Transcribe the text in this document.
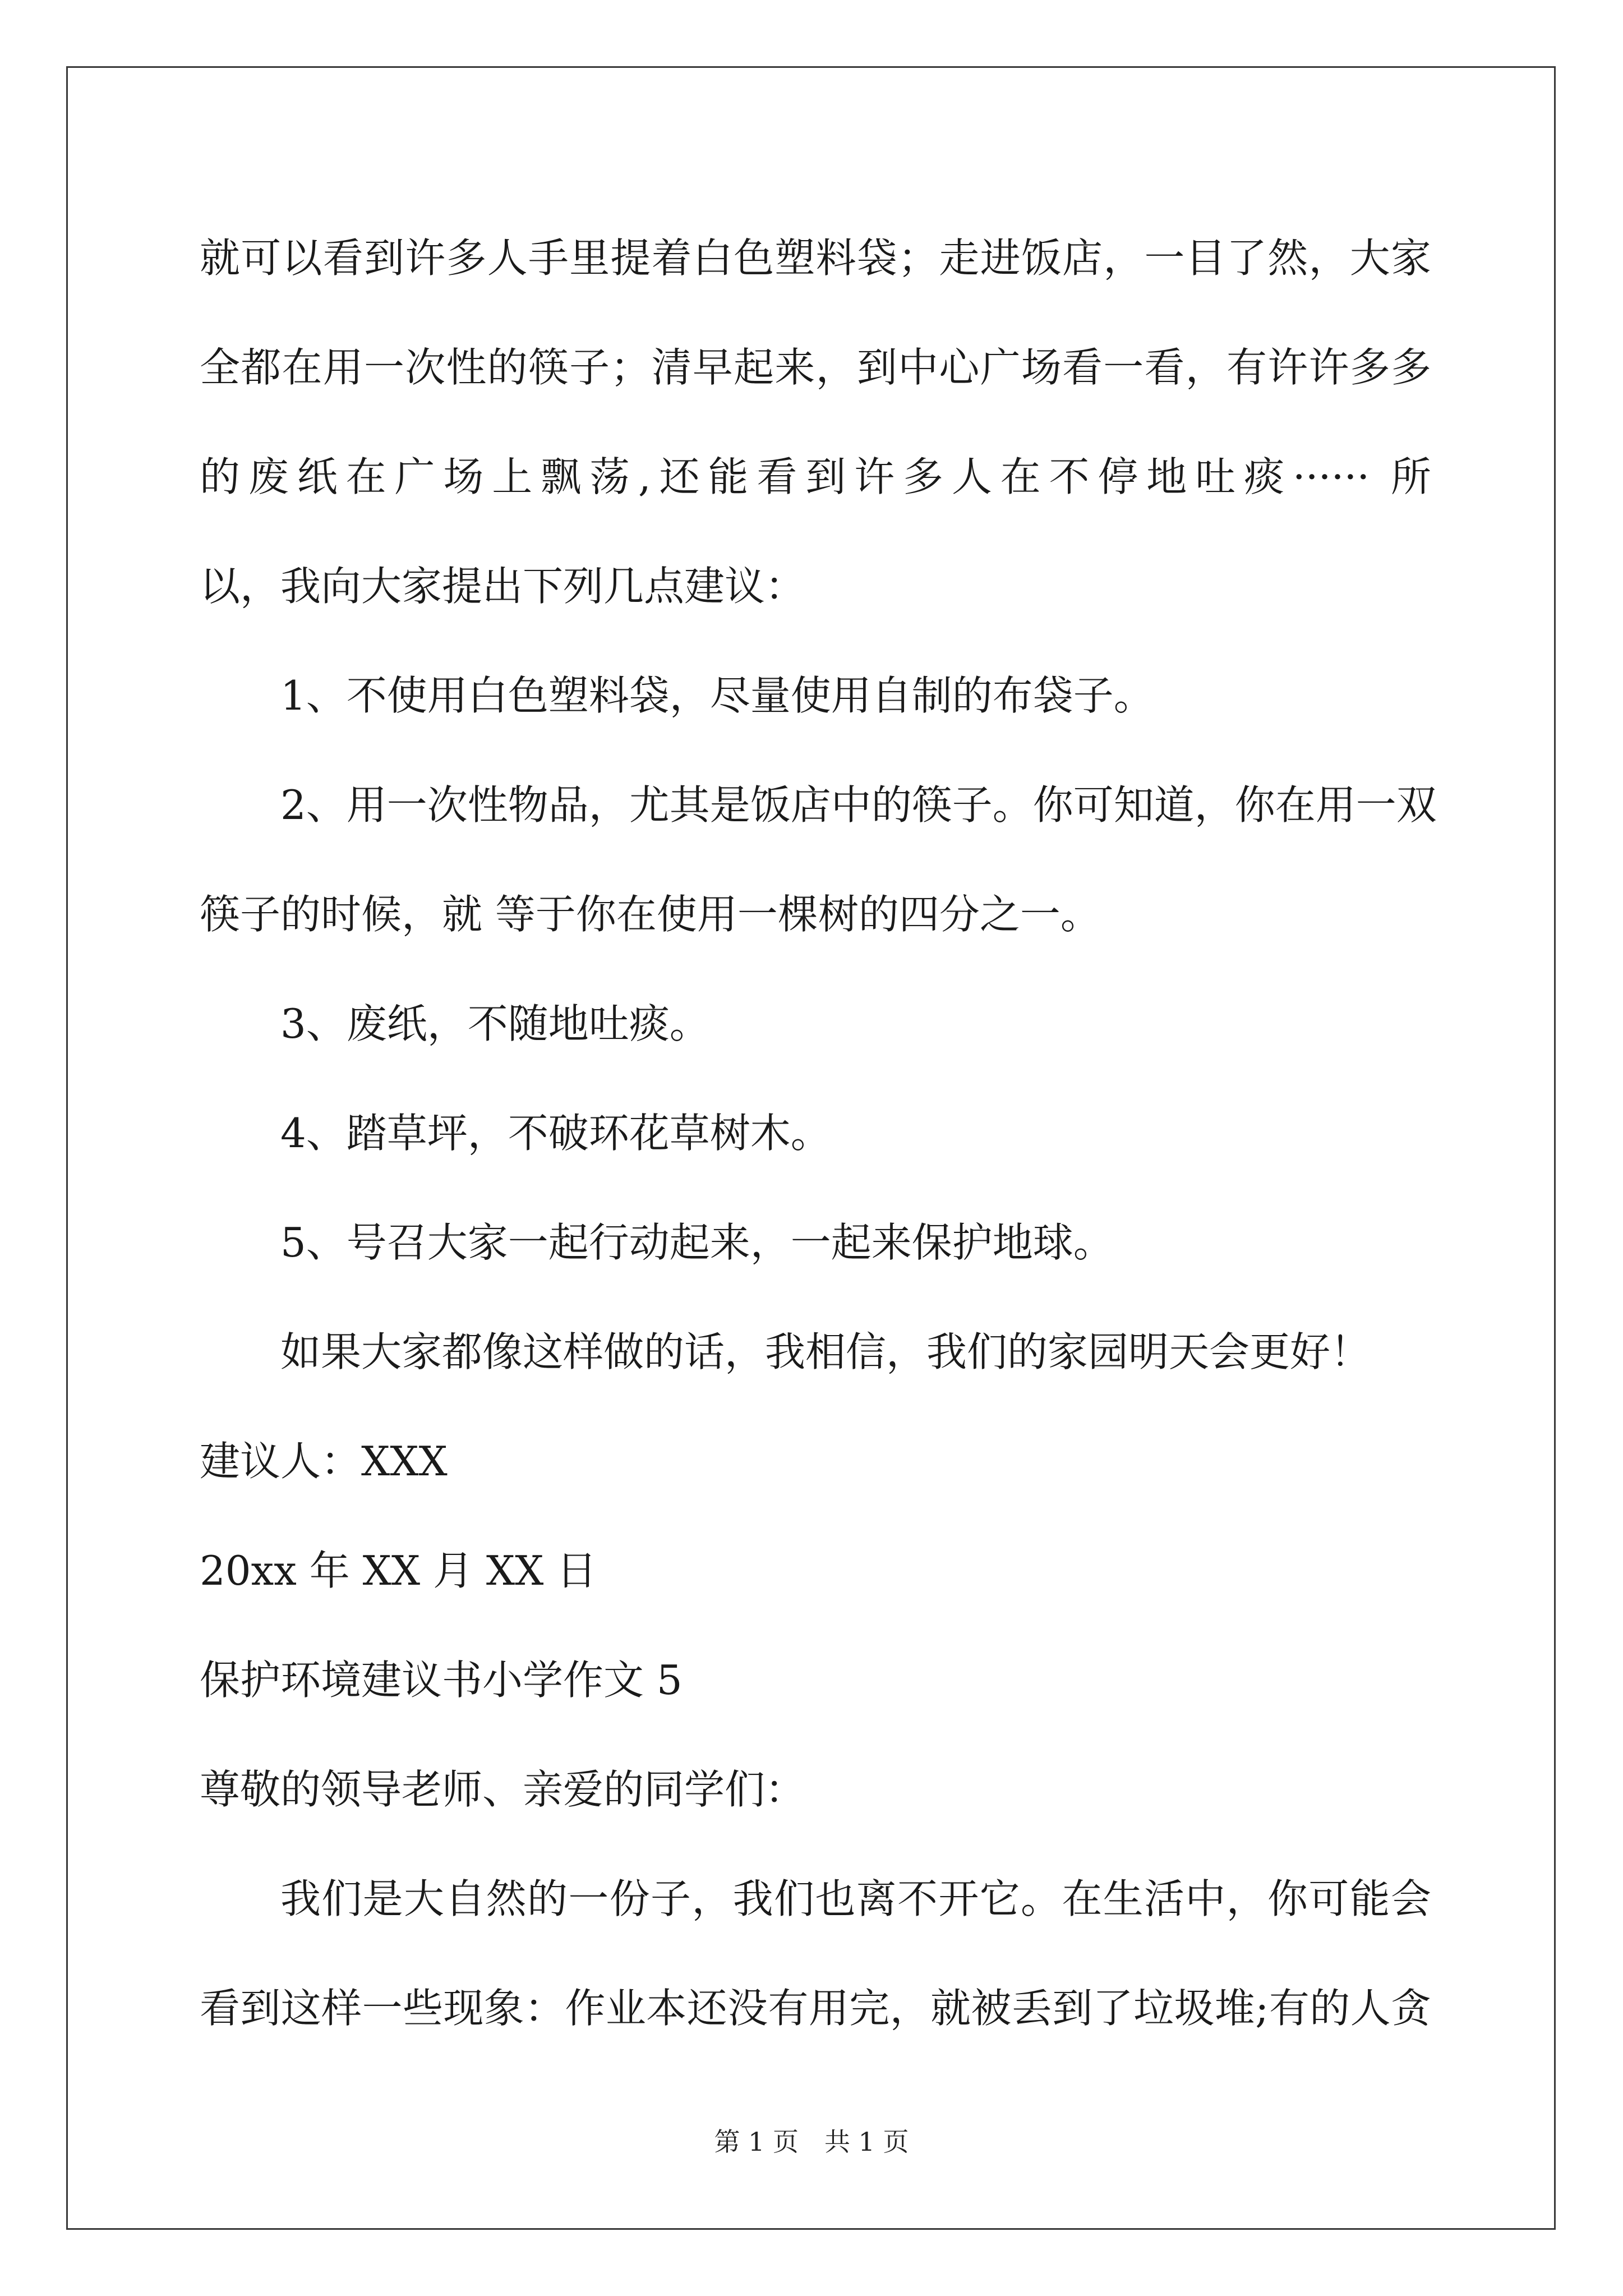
就可以看到许多人手里提着白色塑料袋；走进饭店，一目了然，大家
全都在用一次性的筷子；清早起来，到中心广场看一看，有许许多多
的废纸在广场上飘荡,还能看到许多人在不停地吐痰······ 所
以，我向大家提出下列几点建议：
1、不使用白色塑料袋，尽量使用自制的布袋子。
2、用一次性物品，尤其是饭店中的筷子。你可知道，你在用一双
筷子的时候，就 等于你在使用一棵树的四分之一。
3、废纸，不随地吐痰。
4、踏草坪，不破环花草树木。
5、号召大家一起行动起来，一起来保护地球。
如果大家都像这样做的话，我相信，我们的家园明天会更好！
建议人：XXX
20xx 年 XX 月 XX 日
保护环境建议书小学作文 5
尊敬的领导老师、亲爱的同学们：
我们是大自然的一份子，我们也离不开它。在生活中，你可能会
看到这样一些现象：作业本还没有用完，就被丢到了垃圾堆;有的人贪
第 1 页　共 1 页
